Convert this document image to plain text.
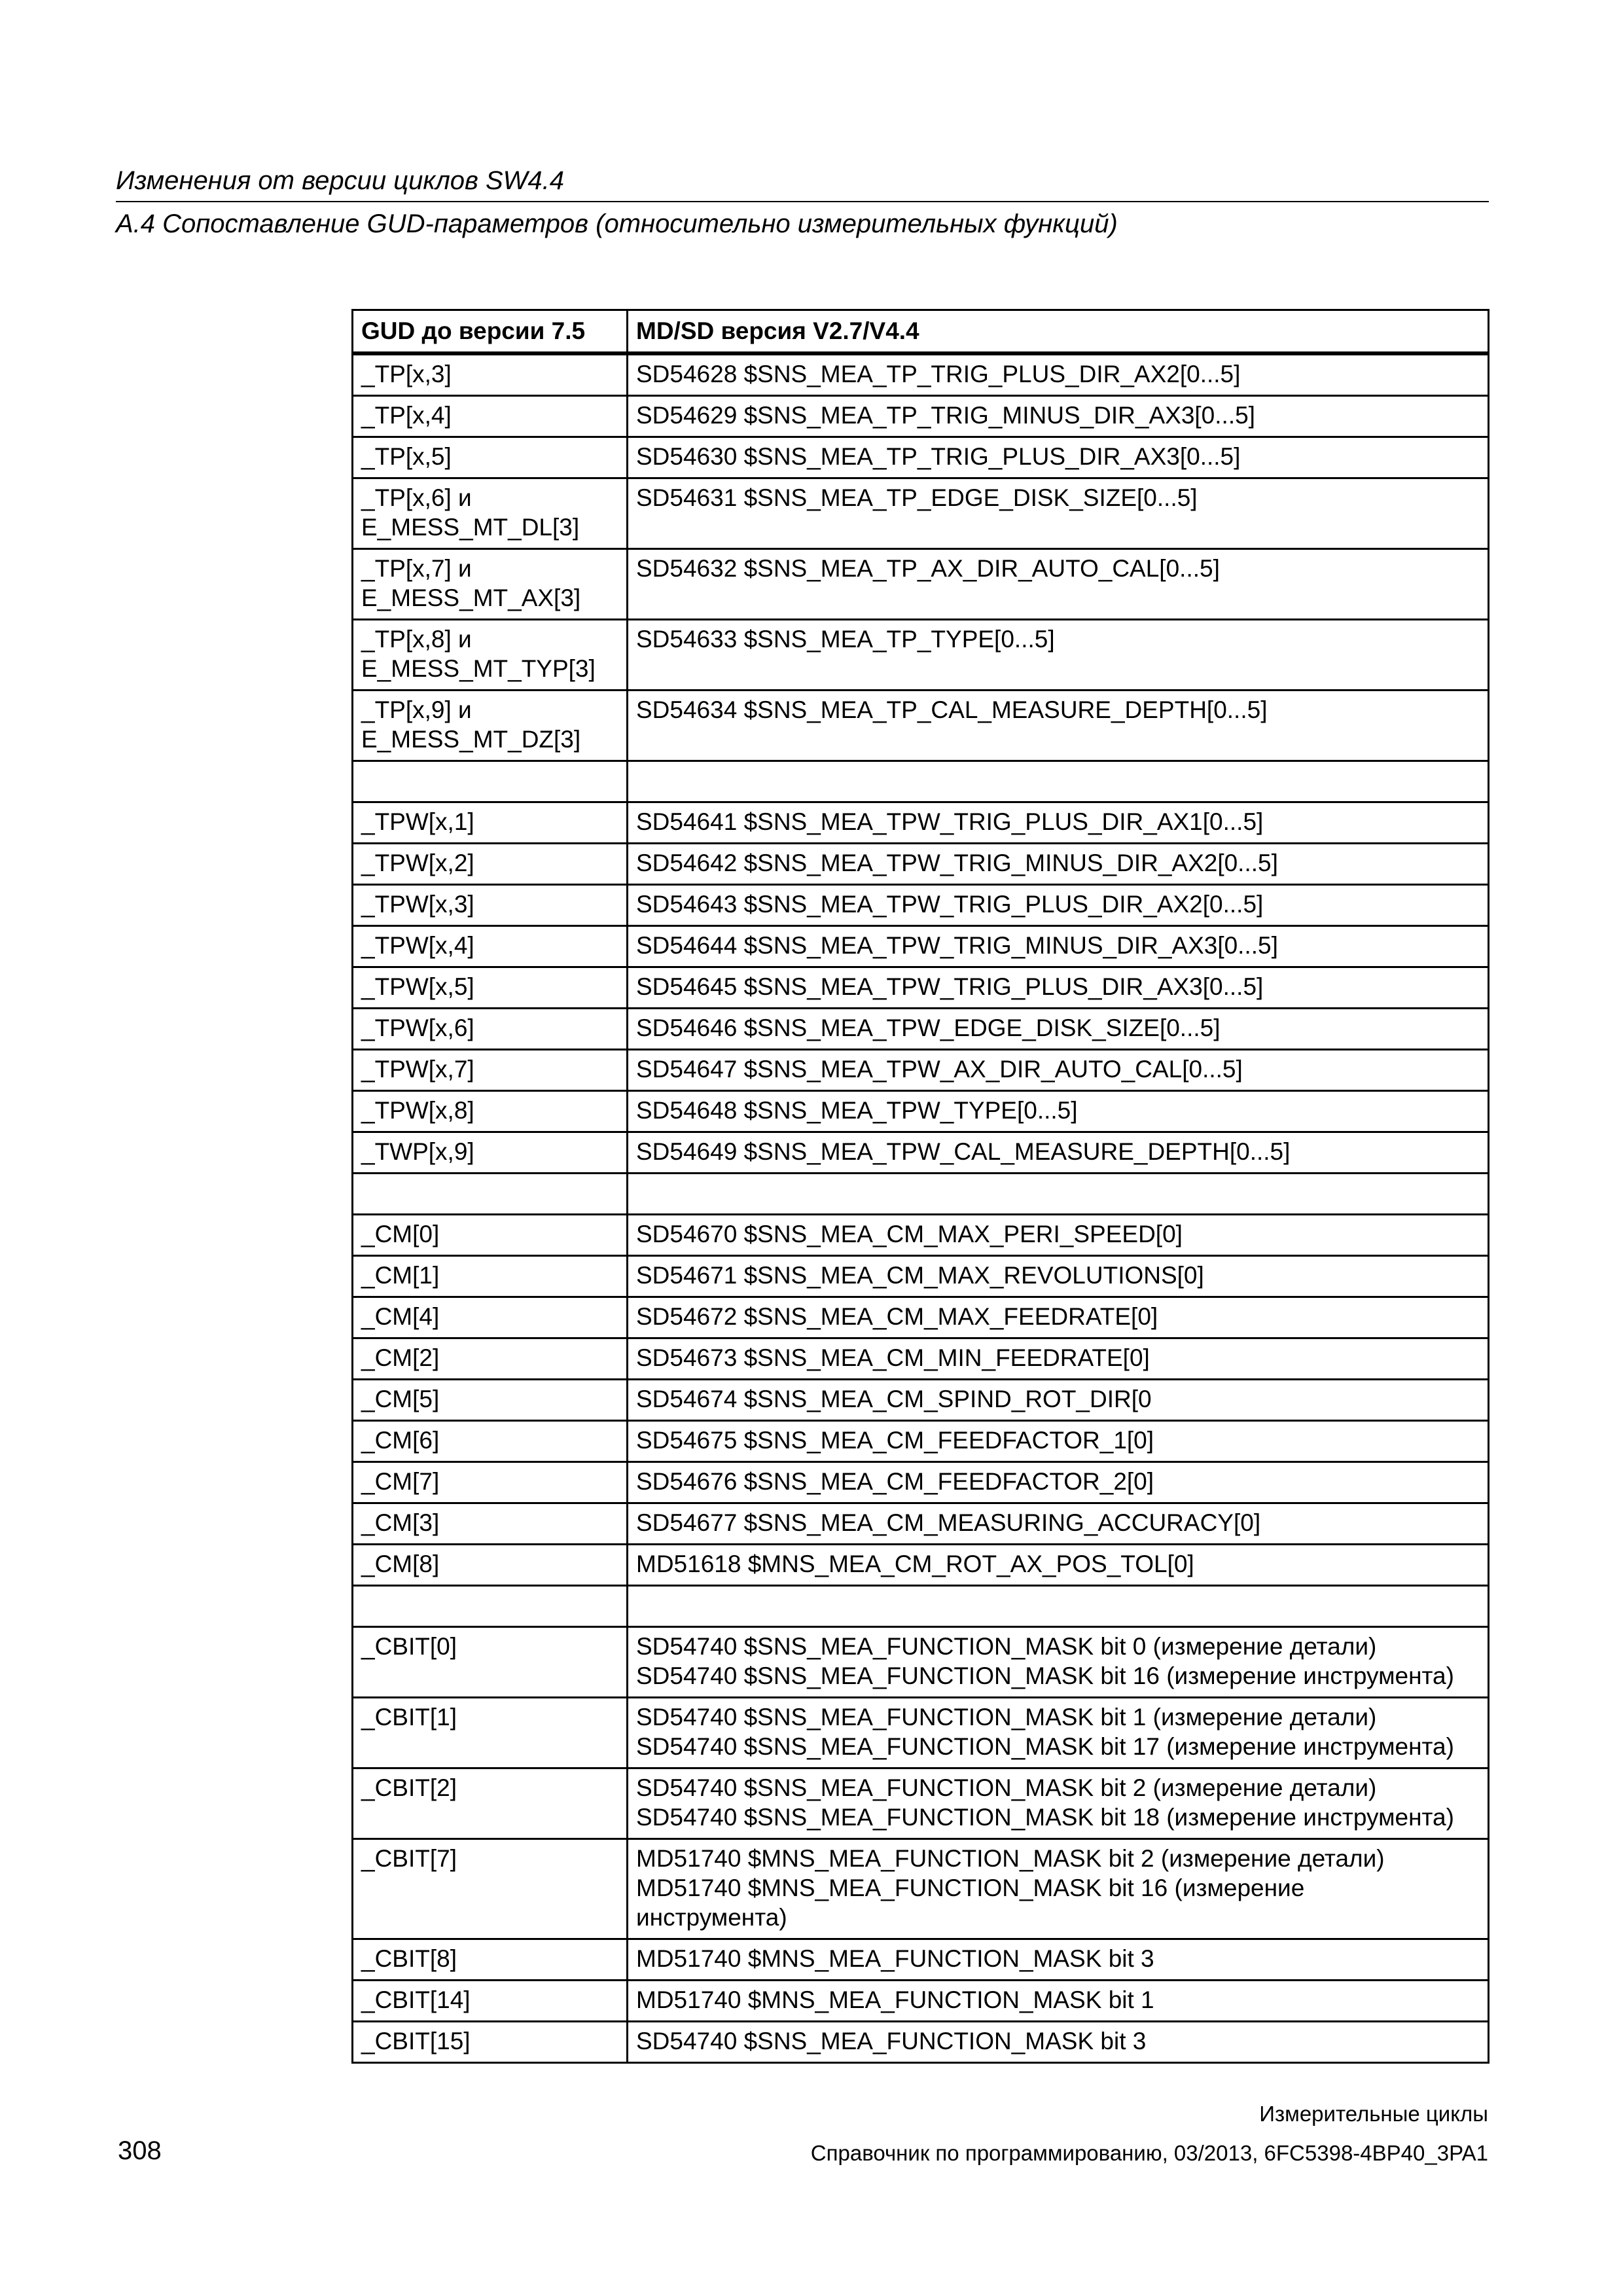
Изменения от версии циклов SW4.4
A.4 Сопоставление GUD-параметров (относительно измерительных функций)
GUD до версии 7.5	MD/SD версия V2.7/V4.4

_TP[x,3]	SD54628 $SNS_MEA_TP_TRIG_PLUS_DIR_AX2[0...5]

_TP[x,4]	SD54629 $SNS_MEA_TP_TRIG_MINUS_DIR_AX3[0...5]

_TP[x,5]	SD54630 $SNS_MEA_TP_TRIG_PLUS_DIR_AX3[0...5]

_TP[x,6] и
E_MESS_MT_DL[3]	SD54631 $SNS_MEA_TP_EDGE_DISK_SIZE[0...5]

_TP[x,7] и
E_MESS_MT_AX[3]	SD54632 $SNS_MEA_TP_AX_DIR_AUTO_CAL[0...5]

_TP[x,8] и
E_MESS_MT_TYP[3]	SD54633 $SNS_MEA_TP_TYPE[0...5]

_TP[x,9] и
E_MESS_MT_DZ[3]	SD54634 $SNS_MEA_TP_CAL_MEASURE_DEPTH[0...5]

_TPW[x,1]	SD54641 $SNS_MEA_TPW_TRIG_PLUS_DIR_AX1[0...5]

_TPW[x,2]	SD54642 $SNS_MEA_TPW_TRIG_MINUS_DIR_AX2[0...5]

_TPW[x,3]	SD54643 $SNS_MEA_TPW_TRIG_PLUS_DIR_AX2[0...5]

_TPW[x,4]	SD54644 $SNS_MEA_TPW_TRIG_MINUS_DIR_AX3[0...5]

_TPW[x,5]	SD54645 $SNS_MEA_TPW_TRIG_PLUS_DIR_AX3[0...5]

_TPW[x,6]	SD54646 $SNS_MEA_TPW_EDGE_DISK_SIZE[0...5]

_TPW[x,7]	SD54647 $SNS_MEA_TPW_AX_DIR_AUTO_CAL[0...5]

_TPW[x,8]	SD54648 $SNS_MEA_TPW_TYPE[0...5]

_TWP[x,9]	SD54649 $SNS_MEA_TPW_CAL_MEASURE_DEPTH[0...5]

_CM[0]	SD54670 $SNS_MEA_CM_MAX_PERI_SPEED[0]

_CM[1]	SD54671 $SNS_MEA_CM_MAX_REVOLUTIONS[0]

_CM[4]	SD54672 $SNS_MEA_CM_MAX_FEEDRATE[0]

_CM[2]	SD54673 $SNS_MEA_CM_MIN_FEEDRATE[0]

_CM[5]	SD54674 $SNS_MEA_CM_SPIND_ROT_DIR[0

_CM[6]	SD54675 $SNS_MEA_CM_FEEDFACTOR_1[0]

_CM[7]	SD54676 $SNS_MEA_CM_FEEDFACTOR_2[0]

_CM[3]	SD54677 $SNS_MEA_CM_MEASURING_ACCURACY[0]

_CM[8]	MD51618 $MNS_MEA_CM_ROT_AX_POS_TOL[0]

_CBIT[0]	SD54740 $SNS_MEA_FUNCTION_MASK bit 0 (измерение детали)
SD54740 $SNS_MEA_FUNCTION_MASK bit 16 (измерение инструмента)

_CBIT[1]	SD54740 $SNS_MEA_FUNCTION_MASK bit 1 (измерение детали)
SD54740 $SNS_MEA_FUNCTION_MASK bit 17 (измерение инструмента)

_CBIT[2]	SD54740 $SNS_MEA_FUNCTION_MASK bit 2 (измерение детали)
SD54740 $SNS_MEA_FUNCTION_MASK bit 18 (измерение инструмента)

_CBIT[7]	MD51740 $MNS_MEA_FUNCTION_MASK bit 2 (измерение детали)
MD51740 $MNS_MEA_FUNCTION_MASK bit 16 (измерение
инструмента)

_CBIT[8]	MD51740 $MNS_MEA_FUNCTION_MASK bit 3

_CBIT[14]	MD51740 $MNS_MEA_FUNCTION_MASK bit 1

_CBIT[15]	SD54740 $SNS_MEA_FUNCTION_MASK bit 3
Измерительные циклы
308	Справочник по программированию, 03/2013, 6FC5398-4BP40_3PA1
